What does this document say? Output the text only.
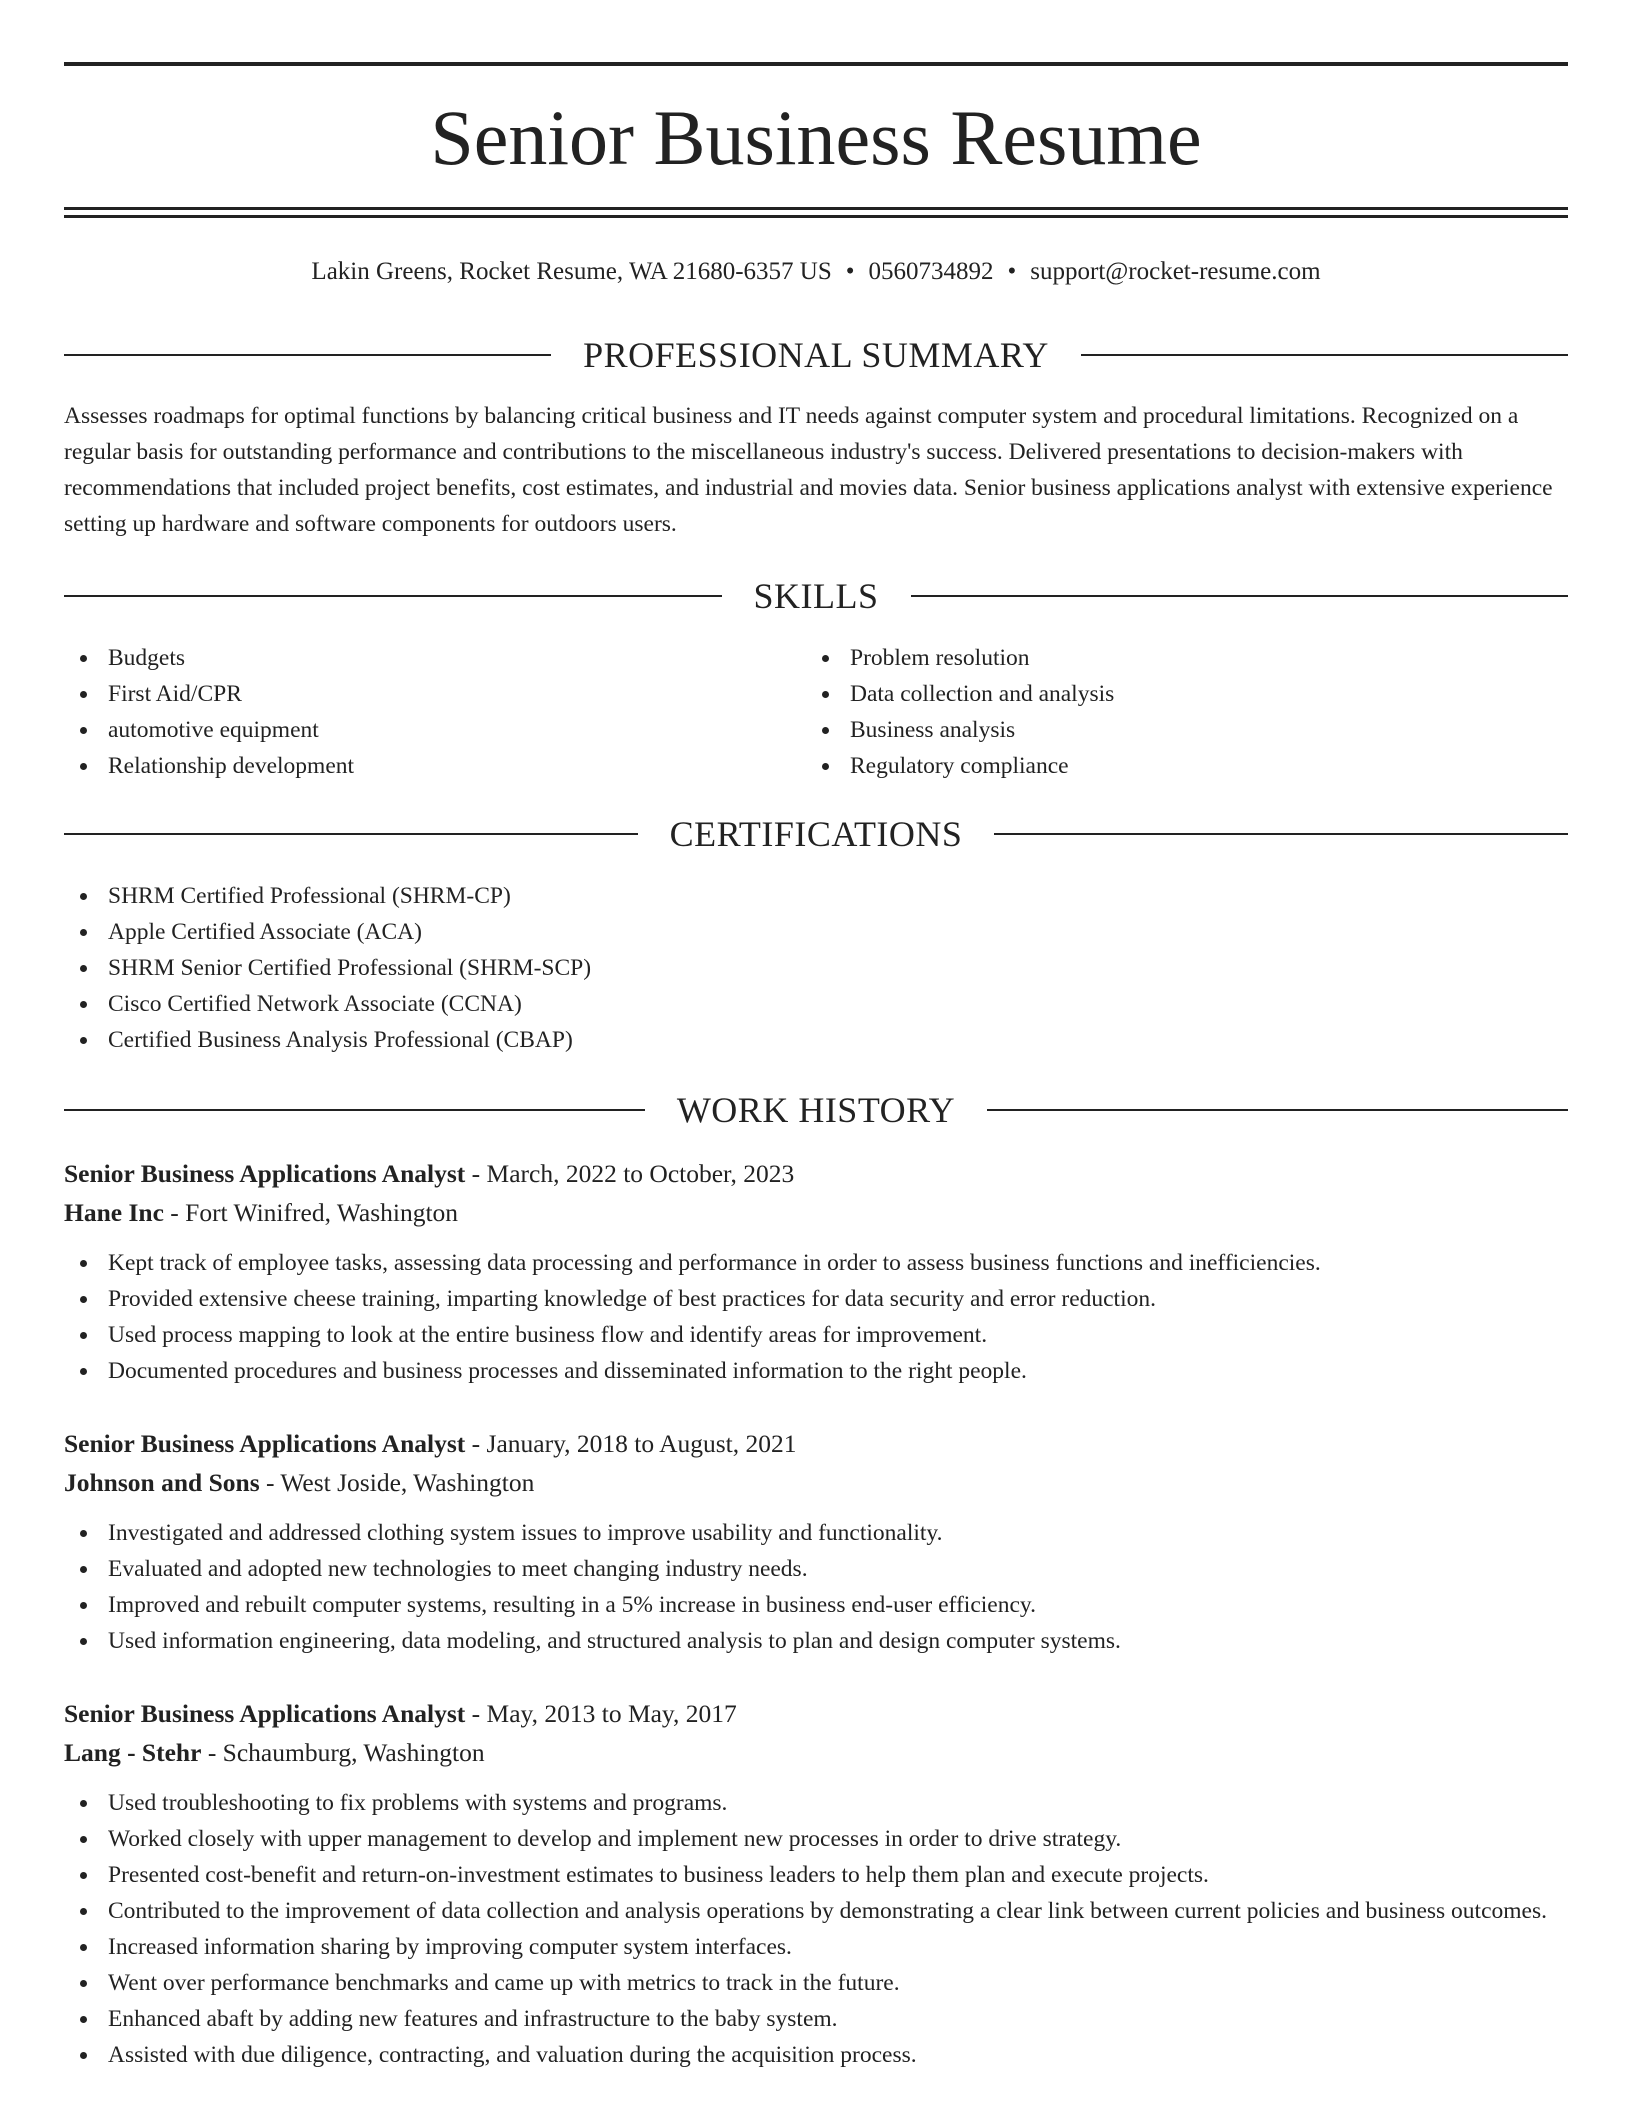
Senior Business Resume
Lakin Greens, Rocket Resume, WA 21680-6357 US • 0560734892 • support@rocket-resume.com
PROFESSIONAL SUMMARY

Assesses roadmaps for optimal functions by balancing critical business and IT needs against computer system and procedural limitations. Recognized on a regular basis for outstanding performance and contributions to the miscellaneous industry's success. Delivered presentations to decision-makers with recommendations that included project benefits, cost estimates, and industrial and movies data. Senior business applications analyst with extensive experience setting up hardware and software components for outdoors users.

SKILLS
Budgets
First Aid/CPR
automotive equipment
Relationship development
Problem resolution
Data collection and analysis
Business analysis
Regulatory compliance
CERTIFICATIONS
SHRM Certified Professional (SHRM-CP)
Apple Certified Associate (ACA)
SHRM Senior Certified Professional (SHRM-SCP)
Cisco Certified Network Associate (CCNA)
Certified Business Analysis Professional (CBAP)
WORK HISTORY
Senior Business Applications Analyst - March, 2022 to October, 2023
Hane Inc - Fort Winifred, Washington
Kept track of employee tasks, assessing data processing and performance in order to assess business functions and inefficiencies.
Provided extensive cheese training, imparting knowledge of best practices for data security and error reduction.
Used process mapping to look at the entire business flow and identify areas for improvement.
Documented procedures and business processes and disseminated information to the right people.
Senior Business Applications Analyst - January, 2018 to August, 2021
Johnson and Sons - West Joside, Washington
Investigated and addressed clothing system issues to improve usability and functionality.
Evaluated and adopted new technologies to meet changing industry needs.
Improved and rebuilt computer systems, resulting in a 5% increase in business end-user efficiency.
Used information engineering, data modeling, and structured analysis to plan and design computer systems.
Senior Business Applications Analyst - May, 2013 to May, 2017
Lang - Stehr - Schaumburg, Washington
Used troubleshooting to fix problems with systems and programs.
Worked closely with upper management to develop and implement new processes in order to drive strategy.
Presented cost-benefit and return-on-investment estimates to business leaders to help them plan and execute projects.
Contributed to the improvement of data collection and analysis operations by demonstrating a clear link between current policies and business outcomes.
Increased information sharing by improving computer system interfaces.
Went over performance benchmarks and came up with metrics to track in the future.
Enhanced abaft by adding new features and infrastructure to the baby system.
Assisted with due diligence, contracting, and valuation during the acquisition process.
